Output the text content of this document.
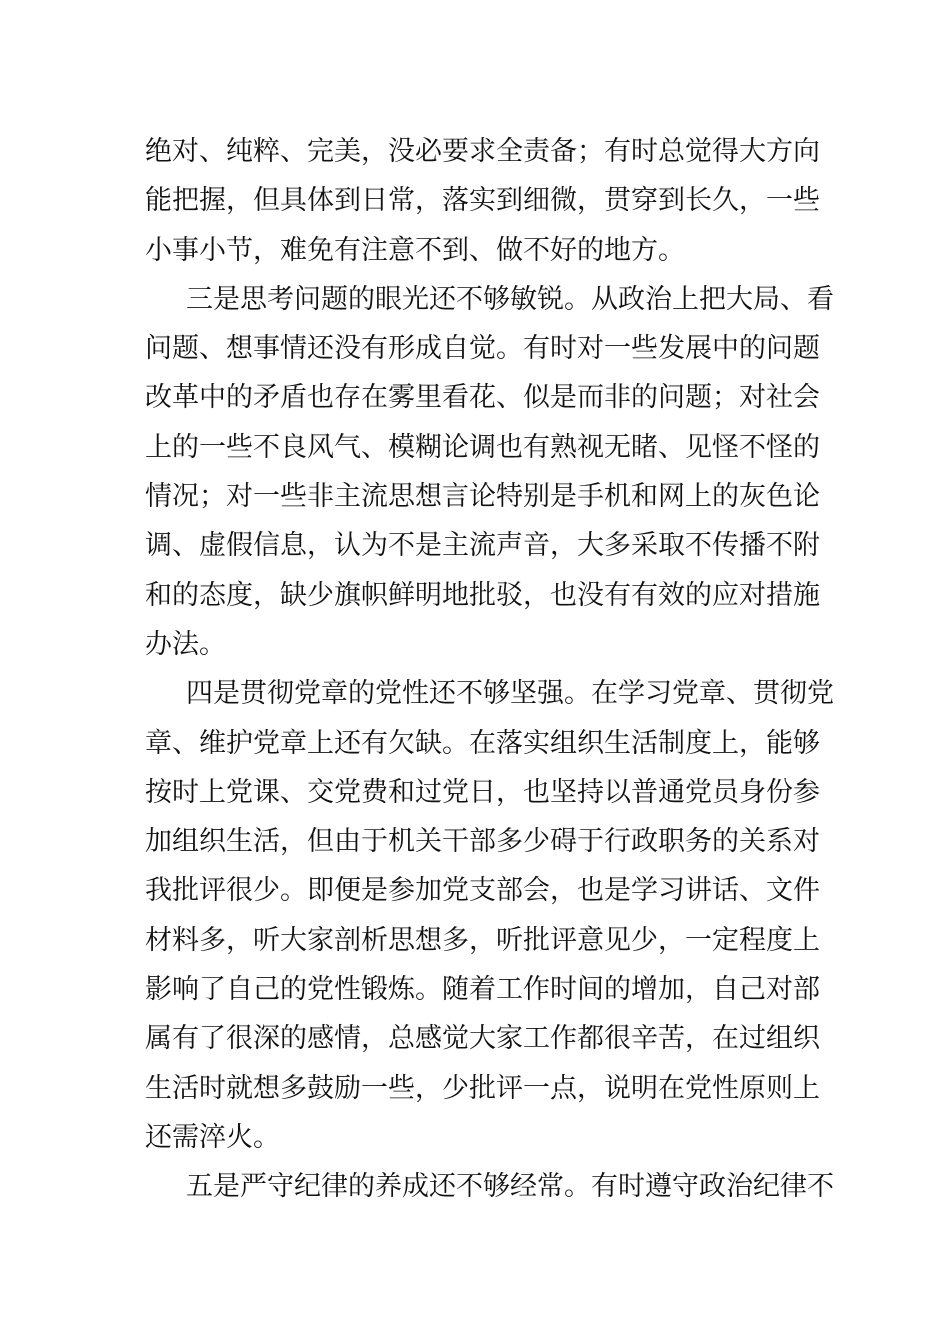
绝对、纯粹、完美，没必要求全责备；有时总觉得大方向
能把握，但具体到日常，落实到细微，贯穿到长久，一些
小事小节，难免有注意不到、做不好的地方。
三是思考问题的眼光还不够敏锐。从政治上把大局、看
问题、想事情还没有形成自觉。有时对一些发展中的问题
改革中的矛盾也存在雾里看花、似是而非的问题；对社会
上的一些不良风气、模糊论调也有熟视无睹、见怪不怪的
情况；对一些非主流思想言论特别是手机和网上的灰色论
调、虚假信息，认为不是主流声音，大多采取不传播不附
和的态度，缺少旗帜鲜明地批驳，也没有有效的应对措施
办法。
四是贯彻党章的党性还不够坚强。在学习党章、贯彻党
章、维护党章上还有欠缺。在落实组织生活制度上，能够
按时上党课、交党费和过党日，也坚持以普通党员身份参
加组织生活，但由于机关干部多少碍于行政职务的关系对
我批评很少。即便是参加党支部会，也是学习讲话、文件
材料多，听大家剖析思想多，听批评意见少，一定程度上
影响了自己的党性锻炼。随着工作时间的增加，自己对部
属有了很深的感情，总感觉大家工作都很辛苦，在过组织
生活时就想多鼓励一些，少批评一点，说明在党性原则上
还需淬火。
五是严守纪律的养成还不够经常。有时遵守政治纪律不
